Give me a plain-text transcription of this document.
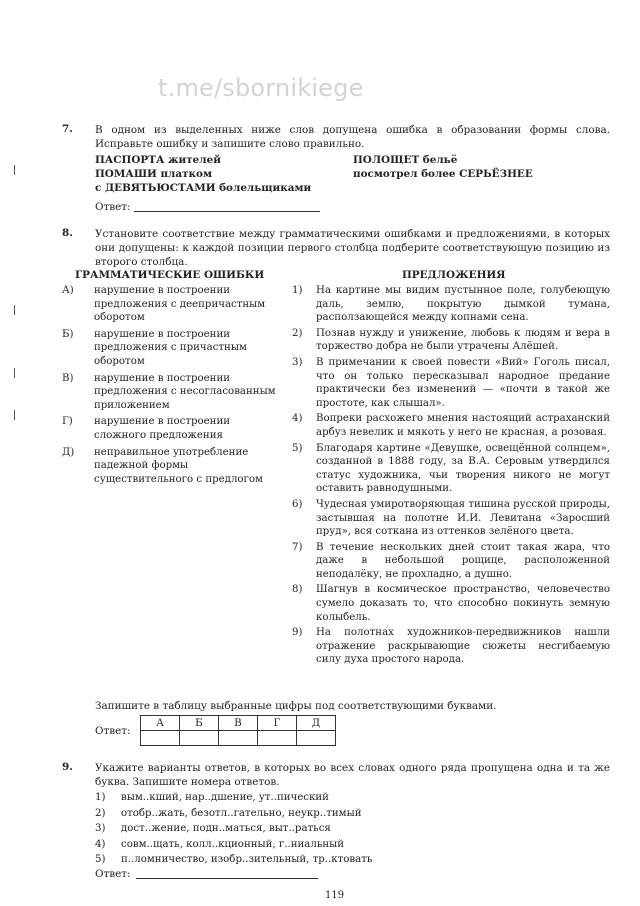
t.me/sbornikiege
7. В одном из выделенных ниже слов допущена ошибка в образовании формы слова. Исправьте ошибку и запишите слово правильно.
ПАСПОРТА жителей
ПОМАШИ платком
с ДЕВЯТЬЮСТАМИ болельщиками
ПОЛОЩЕТ бельё
посмотрел более СЕРЬЁЗНЕЕ
Ответ:
8. Установите соответствие между грамматическими ошибками и предложениями, в которых они допущены: к каждой позиции первого столбца подберите соответствующую позицию из второго столбца.
ГРАММАТИЧЕСКИЕ ОШИБКИ	ПРЕДЛОЖЕНИЯ
А) нарушение в построении предложения с деепричастным оборотом
Б) нарушение в построении предложения с причастным оборотом
В) нарушение в построении предложения с несогласованным приложением
Г) нарушение в построении сложного предложения
Д) неправильное употребление падежной формы существительного с предлогом
1) На картине мы видим пустынное поле, голубеющую даль, землю, покрытую дымкой тумана, расползающейся между копнами сена.
2) Познав нужду и унижение, любовь к людям и вера в торжество добра не были утрачены Алёшей.
3) В примечании к своей повести «Вий» Гоголь писал, что он только пересказывал народное предание практически без изменений — «почти в такой же простоте, как слышал».
4) Вопреки расхожего мнения настоящий астраханский арбуз невелик и мякоть у него не красная, а розовая.
5) Благодаря картине «Девушке, освещённой солнцем», созданной в 1888 году, за В.А. Серовым утвердился статус художника, чьи творения никого не могут оставить равнодушными.
6) Чудесная умиротворяющая тишина русской природы, застывшая на полотне И.И. Левитана «Заросший пруд», вся сотканa из оттенков зелёного цвета.
7) В течение нескольких дней стоит такая жара, что даже в небольшой рощице, расположенной неподалёку, не прохладно, а душно.
8) Шагнув в космическое пространство, человечество сумело доказать то, что способно покинуть земную колыбель.
9) На полотнах художников-передвижников нашли отражение раскрывающие сюжеты несгибаемую силу духа простого народа.
Запишите в таблицу выбранные цифры под соответствующими буквами.
Ответ:
А	Б	В	Г	Д

9. Укажите варианты ответов, в которых во всех словах одного ряда пропущена одна и та же буква. Запишите номера ответов.
1) вым..кший, нар..дшение, ут..пический
2) отобр..жать, безотл..гательно, неукр..тимый
3) дост..жение, подн..маться, выт..раться
4) совм..щать, колл..кционный, г..ниальный
5) п..ломничество, изобр..зительный, тр..ктовать
Ответ:
119
